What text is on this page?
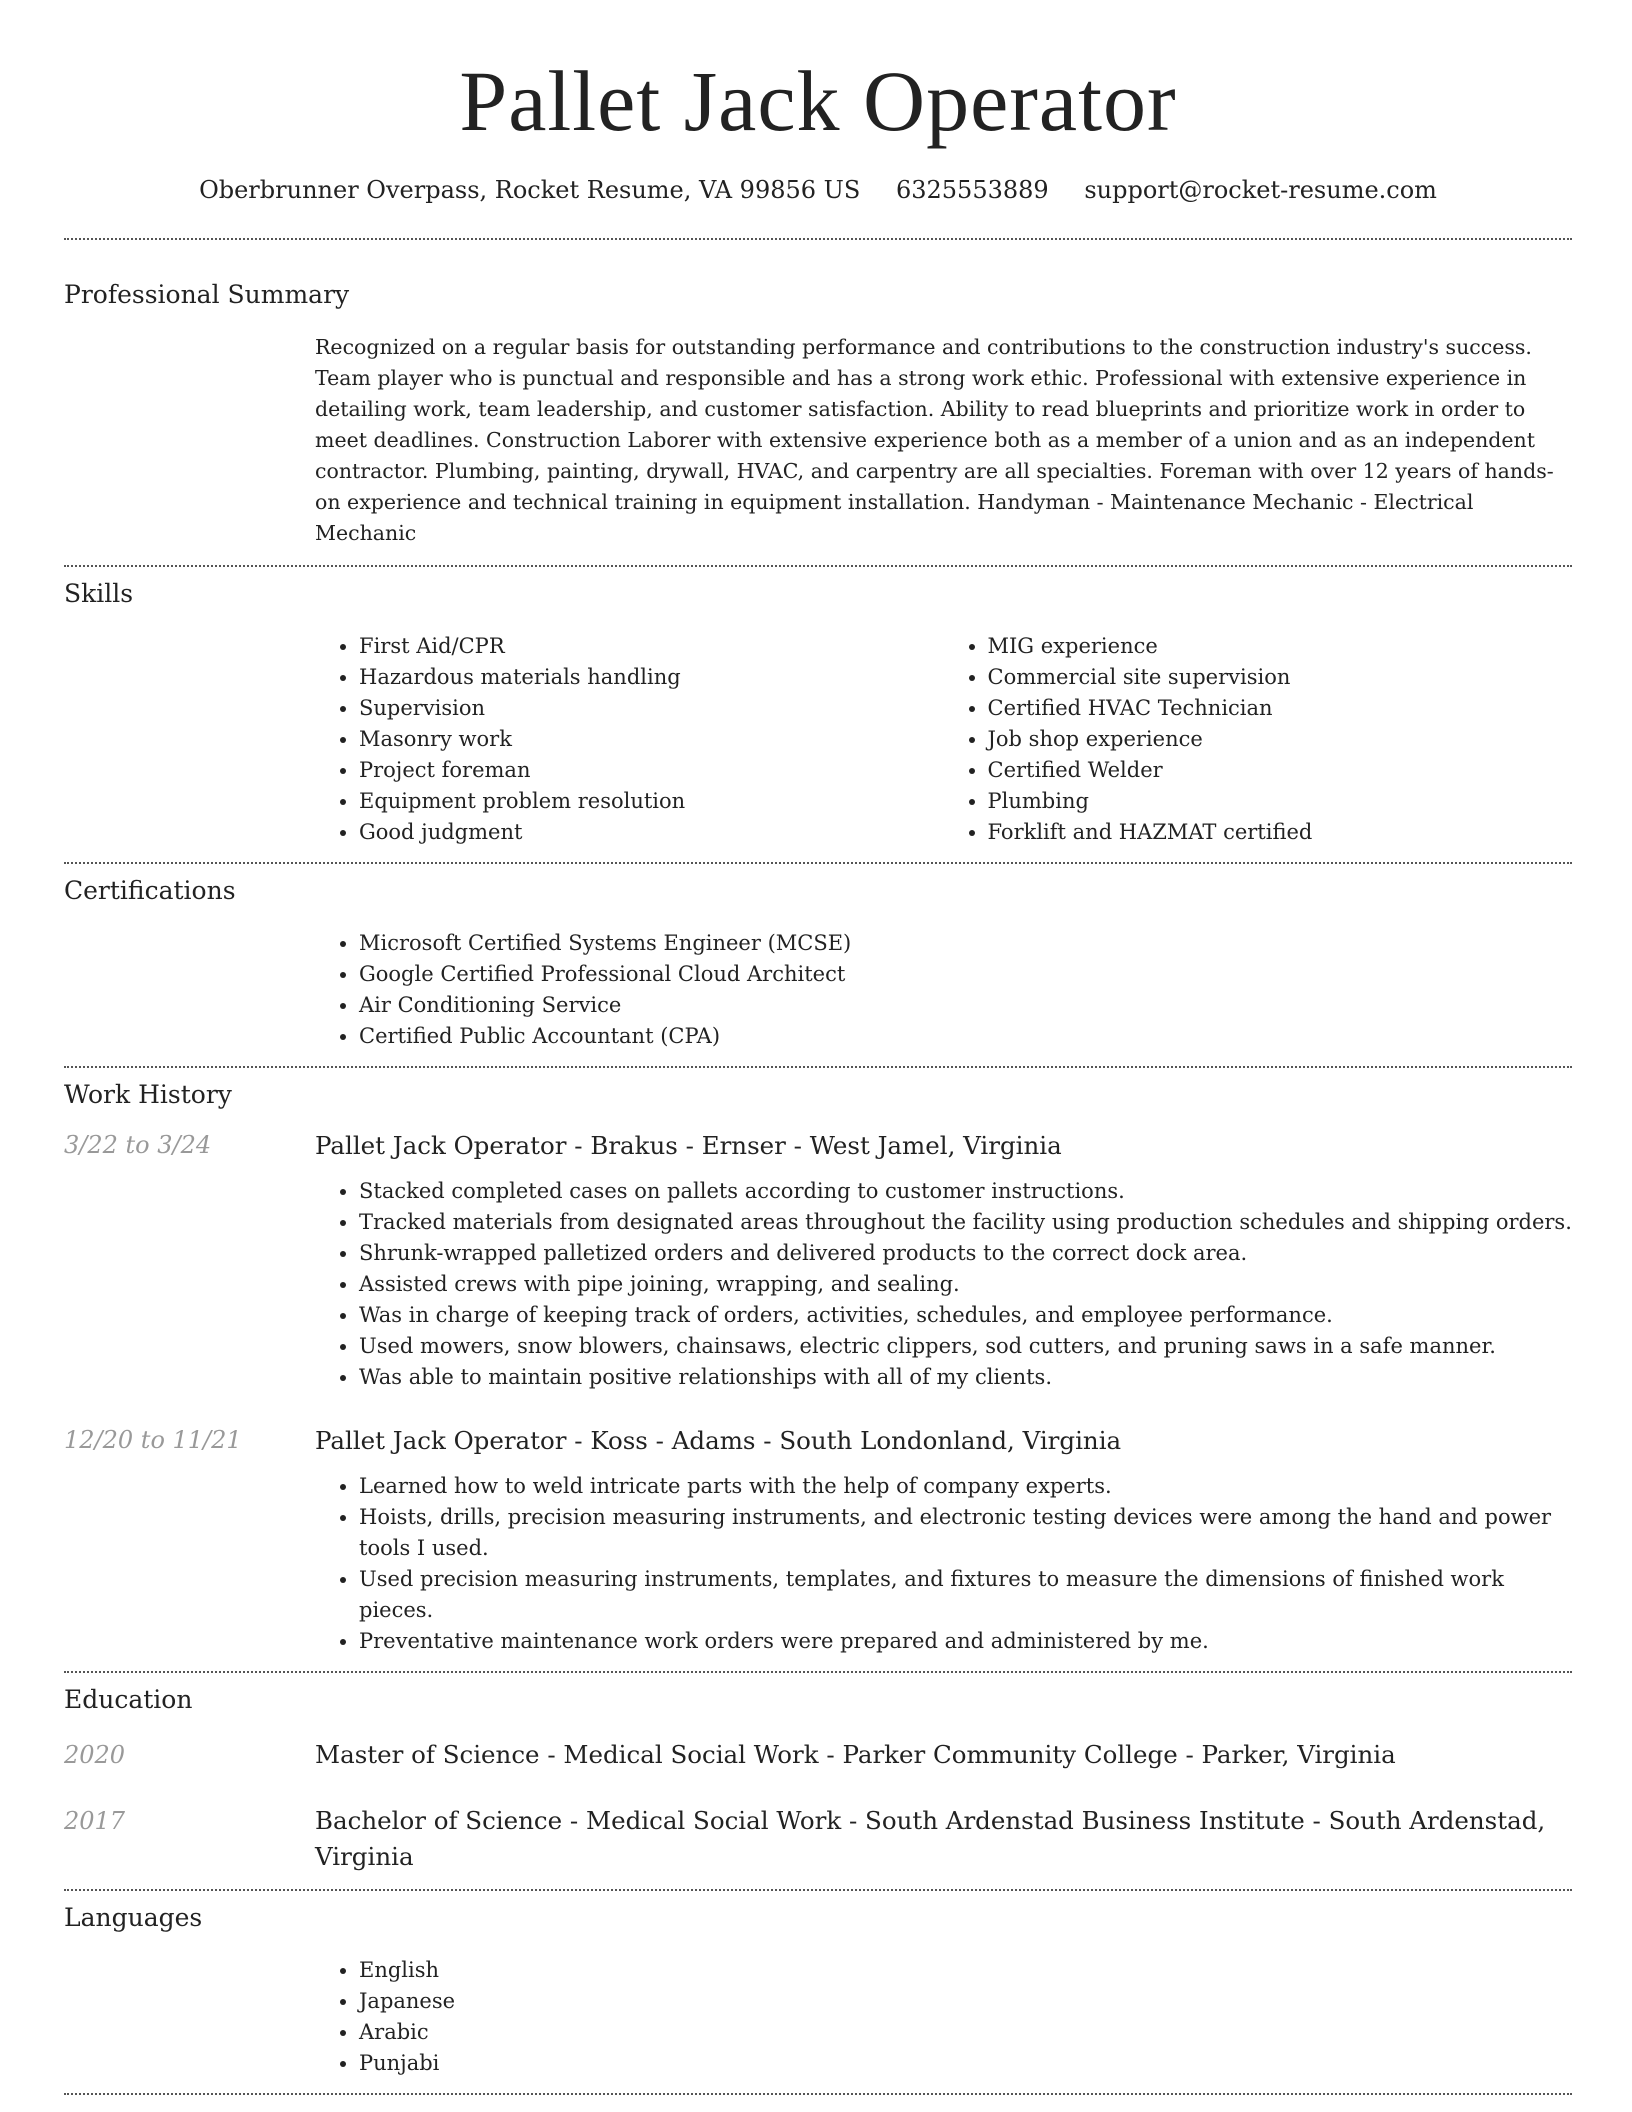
Pallet Jack Operator
Oberbrunner Overpass, Rocket Resume, VA 99856 US 6325553889 support@rocket-resume.com
Professional Summary
Recognized on a regular basis for outstanding performance and contributions to the construction industry's success. Team player who is punctual and responsible and has a strong work ethic. Professional with extensive experience in detailing work, team leadership, and customer satisfaction. Ability to read blueprints and prioritize work in order to meet deadlines. Construction Laborer with extensive experience both as a member of a union and as an independent contractor. Plumbing, painting, drywall, HVAC, and carpentry are all specialties. Foreman with over 12 years of hands-on experience and technical training in equipment installation. Handyman - Maintenance Mechanic - Electrical Mechanic
Skills
• First Aid/CPR
• Hazardous materials handling
• Supervision
• Masonry work
• Project foreman
• Equipment problem resolution
• Good judgment
• MIG experience
• Commercial site supervision
• Certified HVAC Technician
• Job shop experience
• Certified Welder
• Plumbing
• Forklift and HAZMAT certified
Certifications
• Microsoft Certified Systems Engineer (MCSE)
• Google Certified Professional Cloud Architect
• Air Conditioning Service
• Certified Public Accountant (CPA)
Work History
3/22 to 3/24	Pallet Jack Operator - Brakus - Ernser - West Jamel, Virginia
• Stacked completed cases on pallets according to customer instructions.
• Tracked materials from designated areas throughout the facility using production schedules and shipping orders.
• Shrunk-wrapped palletized orders and delivered products to the correct dock area.
• Assisted crews with pipe joining, wrapping, and sealing.
• Was in charge of keeping track of orders, activities, schedules, and employee performance.
• Used mowers, snow blowers, chainsaws, electric clippers, sod cutters, and pruning saws in a safe manner.
• Was able to maintain positive relationships with all of my clients.
12/20 to 11/21	Pallet Jack Operator - Koss - Adams - South Londonland, Virginia
• Learned how to weld intricate parts with the help of company experts.
• Hoists, drills, precision measuring instruments, and electronic testing devices were among the hand and power tools I used.
• Used precision measuring instruments, templates, and fixtures to measure the dimensions of finished work pieces.
• Preventative maintenance work orders were prepared and administered by me.
Education
2020	Master of Science - Medical Social Work - Parker Community College - Parker, Virginia
2017	Bachelor of Science - Medical Social Work - South Ardenstad Business Institute - South Ardenstad, Virginia
Languages
• English
• Japanese
• Arabic
• Punjabi
